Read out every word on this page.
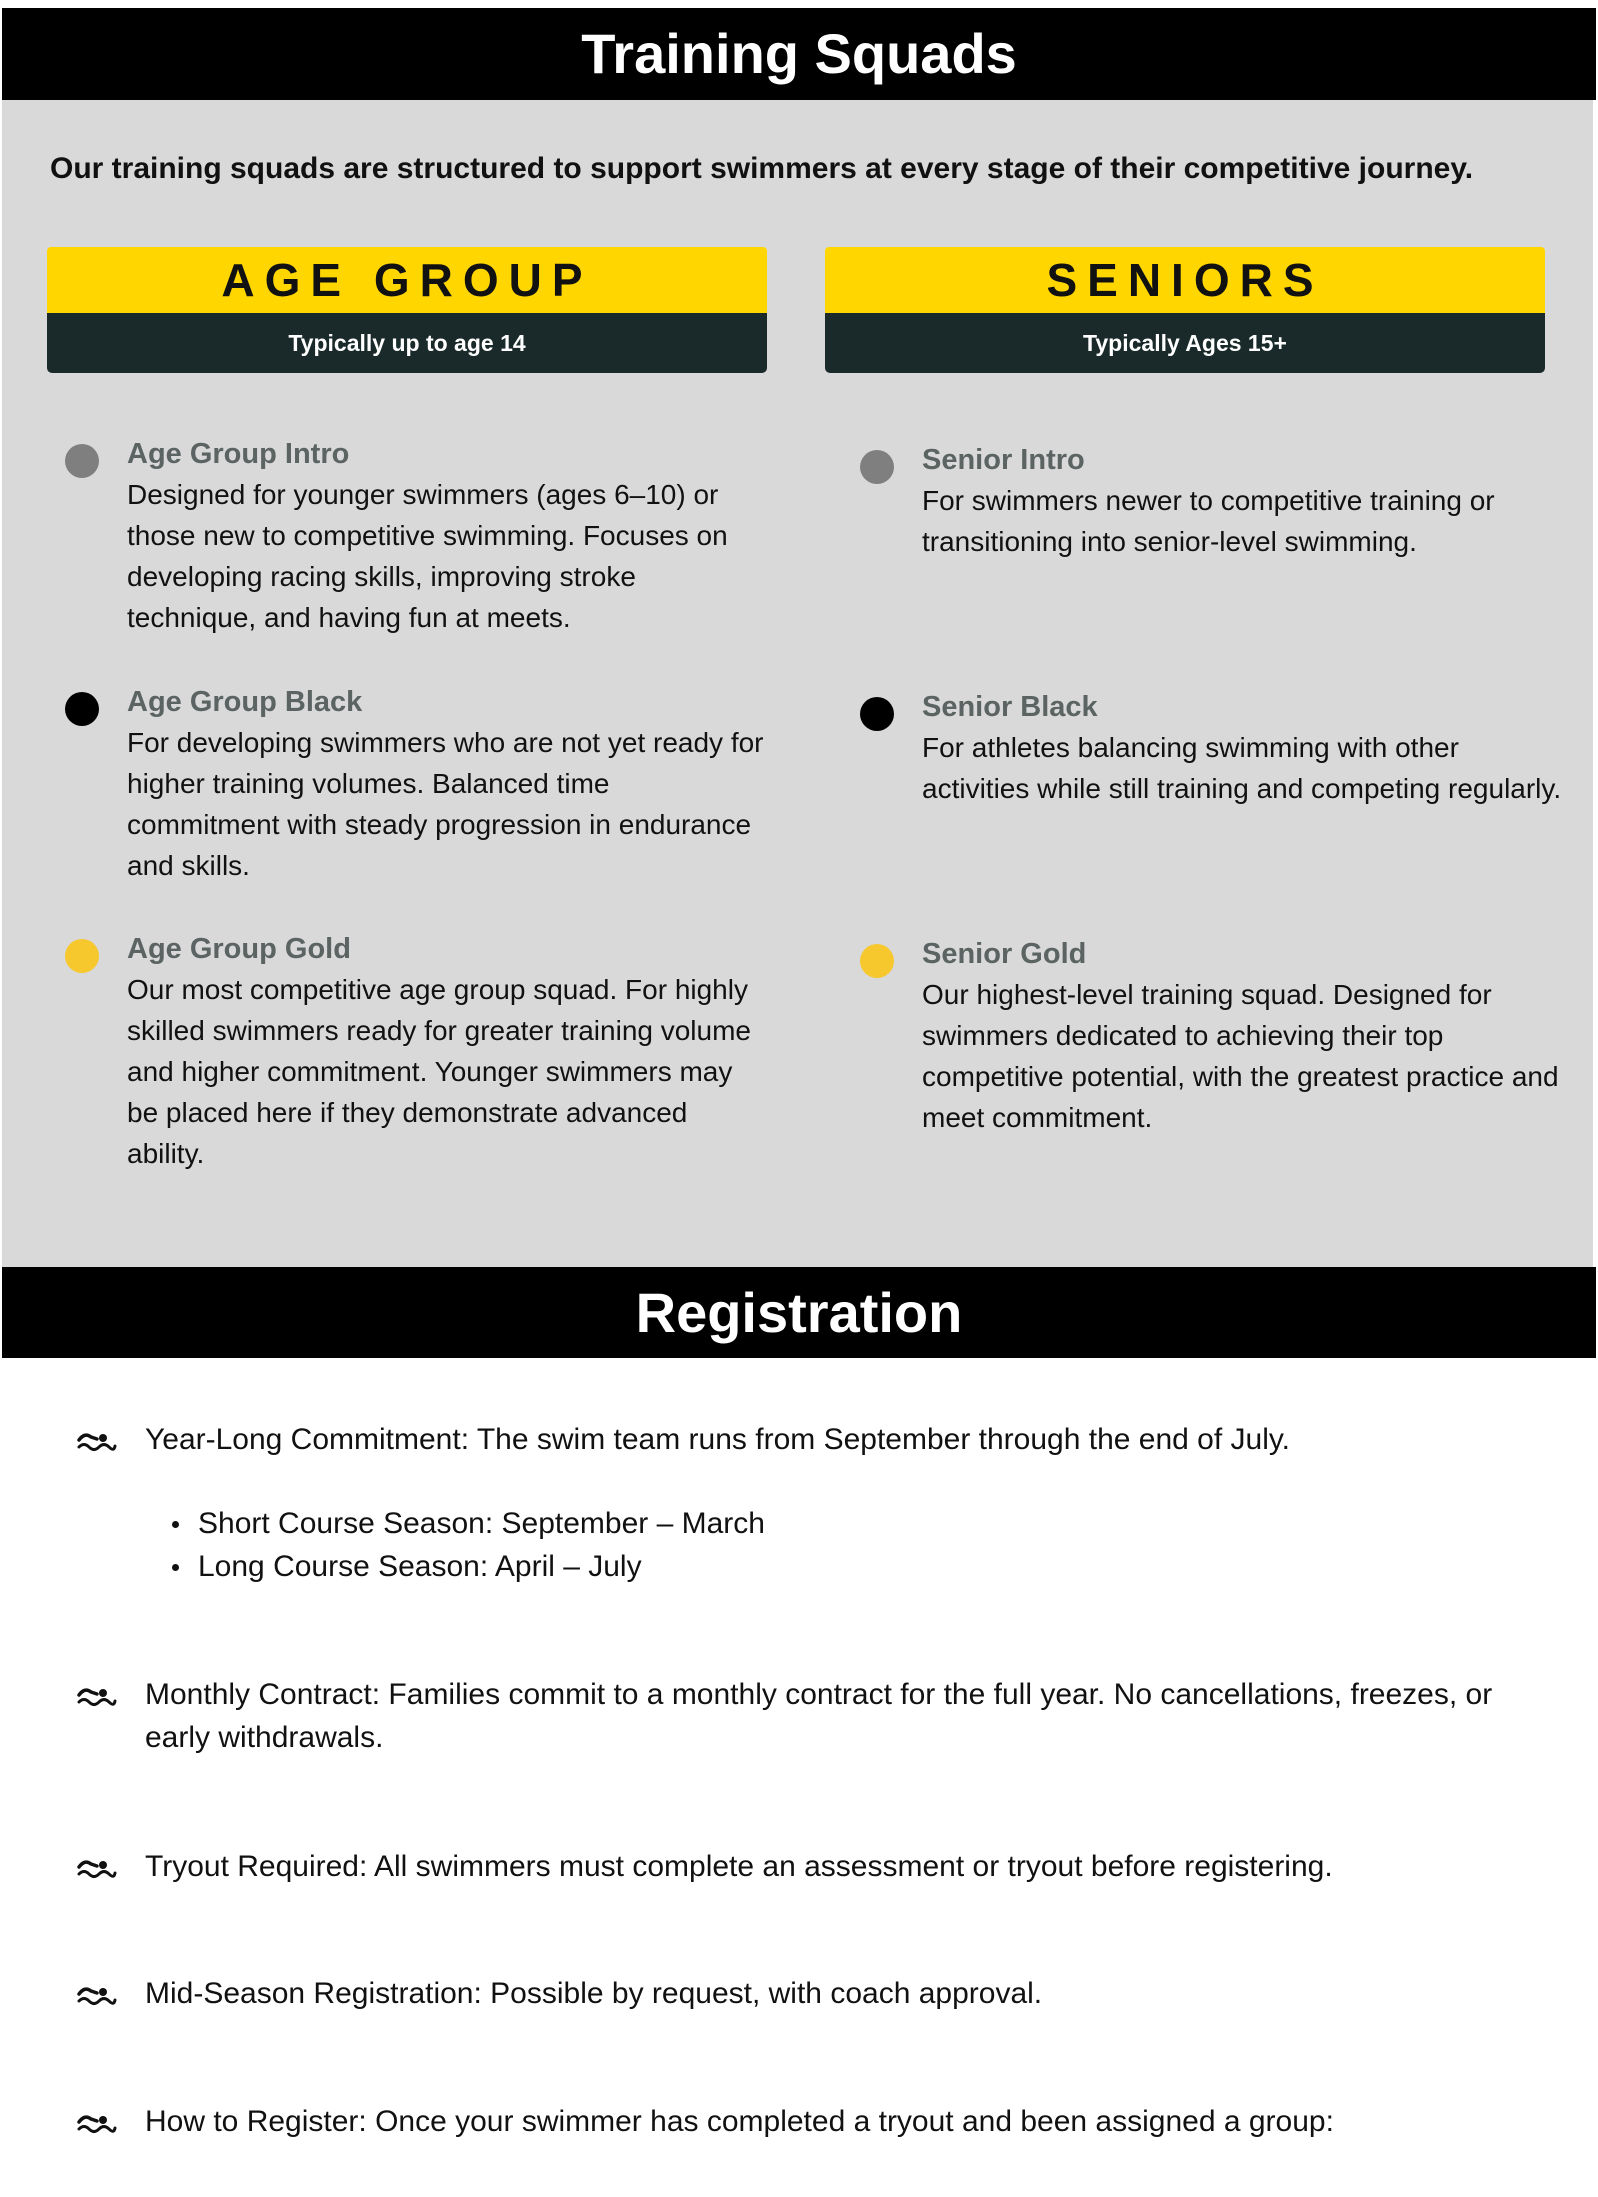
Training Squads
Our training squads are structured to support swimmers at every stage of their competitive journey.
AGE GROUP
Typically up to age 14
SENIORS
Typically Ages 15+
Age Group Intro
Designed for younger swimmers (ages 6–10) or those new to competitive swimming. Focuses on developing racing skills, improving stroke technique, and having fun at meets.
Age Group Black
For developing swimmers who are not yet ready for higher training volumes. Balanced time commitment with steady progression in endurance and skills.
Age Group Gold
Our most competitive age group squad. For highly skilled swimmers ready for greater training volume and higher commitment. Younger swimmers may be placed here if they demonstrate advanced ability.
Senior Intro
For swimmers newer to competitive training or transitioning into senior-level swimming.
Senior Black
For athletes balancing swimming with other activities while still training and competing regularly.
Senior Gold
Our highest-level training squad. Designed for swimmers dedicated to achieving their top competitive potential, with the greatest practice and meet commitment.
Registration
Year-Long Commitment: The swim team runs from September through the end of July.
Short Course Season: September – March
Long Course Season: April – July
Monthly Contract: Families commit to a monthly contract for the full year. No cancellations, freezes, or early withdrawals.
Tryout Required: All swimmers must complete an assessment or tryout before registering.
Mid-Season Registration: Possible by request, with coach approval.
How to Register: Once your swimmer has completed a tryout and been assigned a group:
